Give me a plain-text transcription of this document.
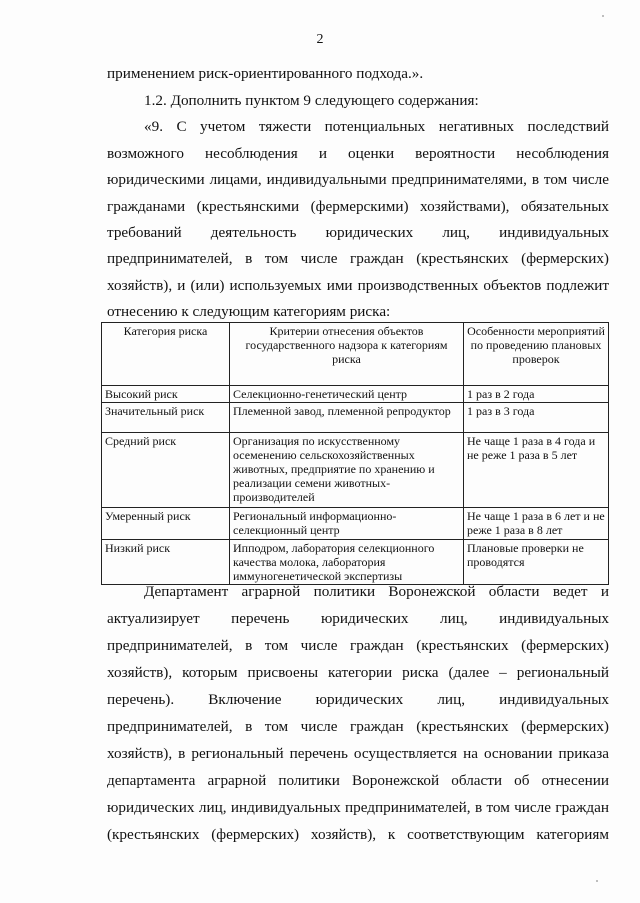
2
применением риск-ориентированного подхода.».
1.2. Дополнить пунктом 9 следующего содержания:
«9. С учетом тяжести потенциальных негативных последствий
возможного несоблюдения и оценки вероятности несоблюдения
юридическими лицами, индивидуальными предпринимателями, в том числе
гражданами (крестьянскими (фермерскими) хозяйствами), обязательных
требований деятельность юридических лиц, индивидуальных
предпринимателей, в том числе граждан (крестьянских (фермерских)
хозяйств), и (или) используемых ими производственных объектов подлежит
отнесению к следующим категориям риска:
Категория риска	Критерии отнесения объектов государственного надзора к категориям риска	Особенности мероприятий по проведению плановых проверок
Высокий риск	Селекционно-генетический центр	1 раз в 2 года
Значительный риск	Племенной завод, племенной репродуктор	1 раз в 3 года
Средний риск	Организация по искусственному осеменению сельскохозяйственных животных, предприятие по хранению и реализации семени животных-производителей	Не чаще 1 раза в 4 года и не реже 1 раза в 5 лет
Умеренный риск	Региональный информационно-селекционный центр	Не чаще 1 раза в 6 лет и не реже 1 раза в 8 лет
Низкий риск	Ипподром, лаборатория селекционного качества молока, лаборатория иммуногенетической экспертизы	Плановые проверки не проводятся
Департамент аграрной политики Воронежской области ведет и
актуализирует перечень юридических лиц, индивидуальных
предпринимателей, в том числе граждан (крестьянских (фермерских)
хозяйств), которым присвоены категории риска (далее – региональный
перечень). Включение юридических лиц, индивидуальных
предпринимателей, в том числе граждан (крестьянских (фермерских)
хозяйств), в региональный перечень осуществляется на основании приказа
департамента аграрной политики Воронежской области об отнесении
юридических лиц, индивидуальных предпринимателей, в том числе граждан
(крестьянских (фермерских) хозяйств), к соответствующим категориям
